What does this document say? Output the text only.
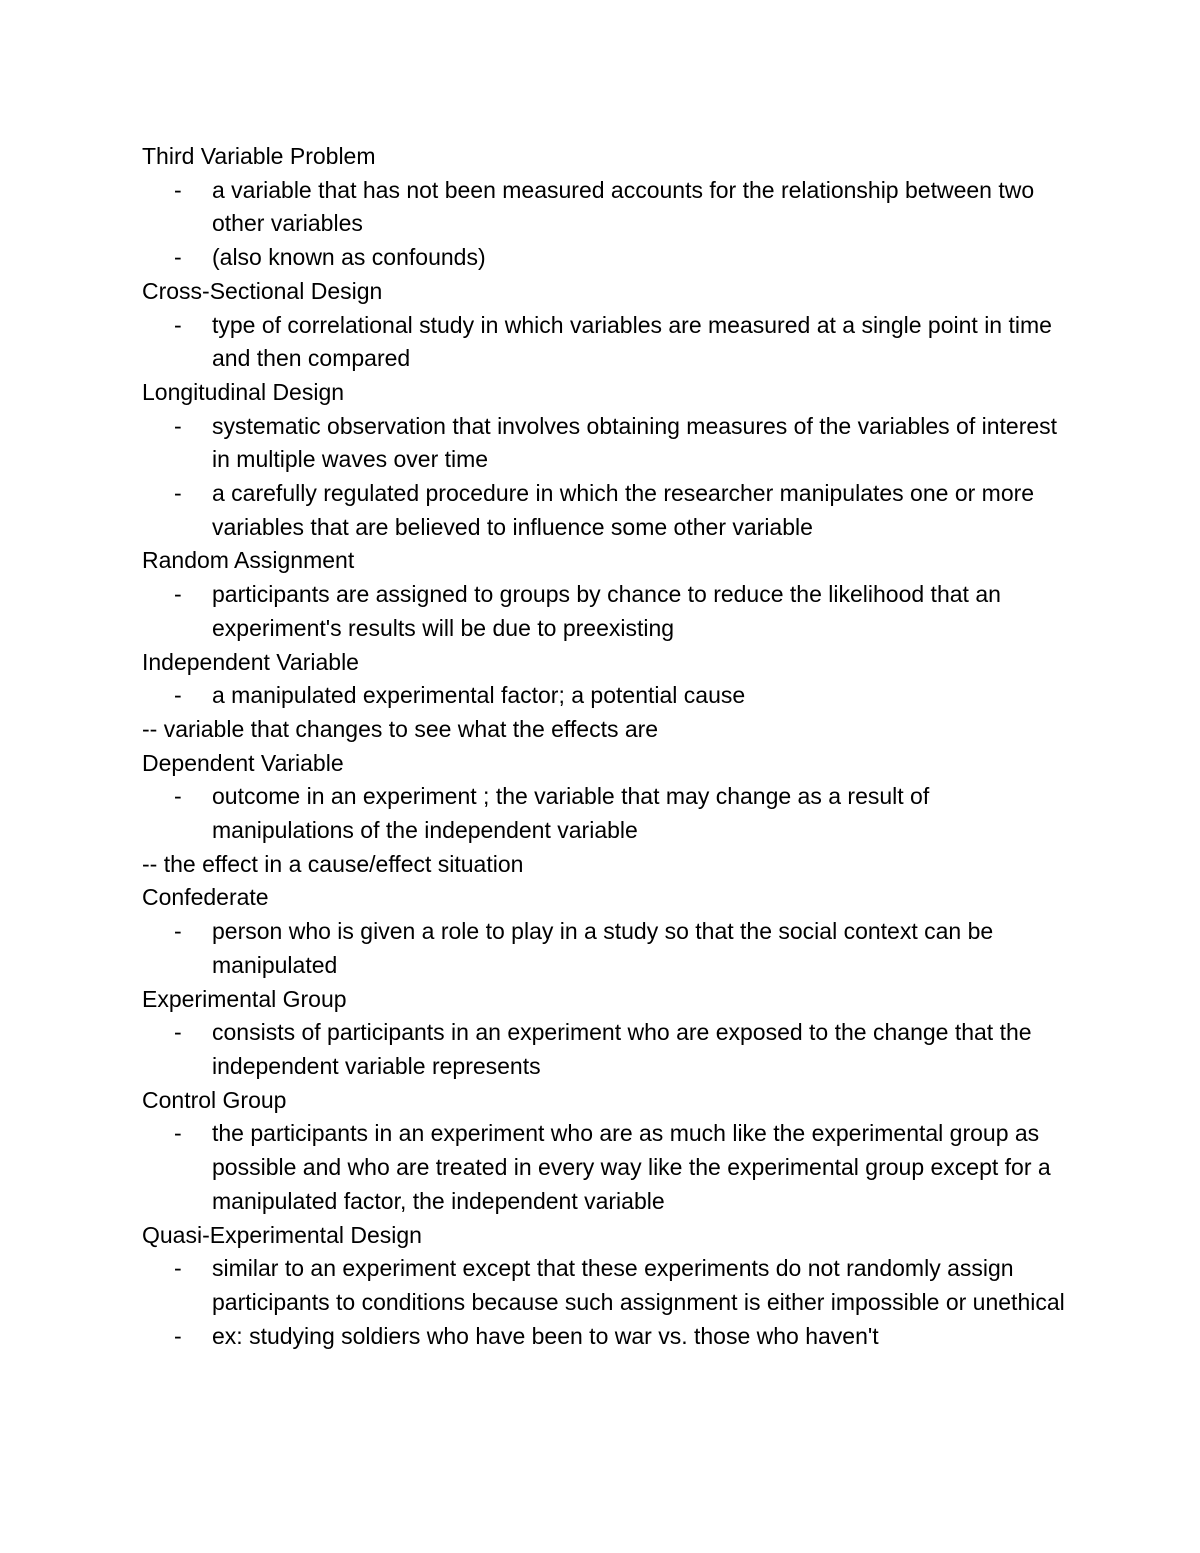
Third Variable Problem

- a variable that has not been measured accounts for the relationship between two other variables
- (also known as confounds)

Cross-Sectional Design

- type of correlational study in which variables are measured at a single point in time and then compared

Longitudinal Design

- systematic observation that involves obtaining measures of the variables of interest in multiple waves over time
- a carefully regulated procedure in which the researcher manipulates one or more variables that are believed to influence some other variable

Random Assignment

- participants are assigned to groups by chance to reduce the likelihood that an experiment's results will be due to preexisting

Independent Variable

- a manipulated experimental factor; a potential cause

-- variable that changes to see what the effects are

Dependent Variable

- outcome in an experiment ; the variable that may change as a result of manipulations of the independent variable

-- the effect in a cause/effect situation

Confederate

- person who is given a role to play in a study so that the social context can be manipulated

Experimental Group

- consists of participants in an experiment who are exposed to the change that the independent variable represents

Control Group

- the participants in an experiment who are as much like the experimental group as possible and who are treated in every way like the experimental group except for a manipulated factor, the independent variable

Quasi-Experimental Design

- similar to an experiment except that these experiments do not randomly assign participants to conditions because such assignment is either impossible or unethical
- ex: studying soldiers who have been to war vs. those who haven't
